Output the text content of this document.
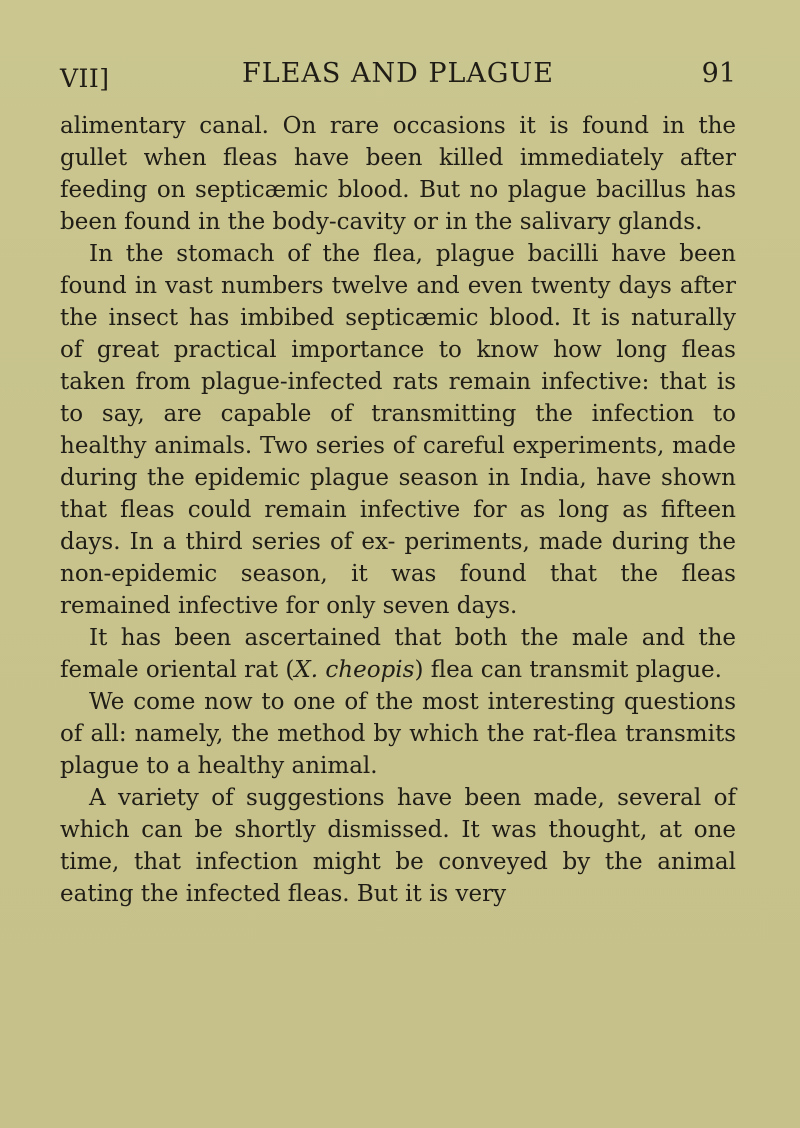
VII]	FLEAS AND PLAGUE	91

alimentary canal. On rare occasions it is found in the gullet when fleas have been killed immediately after feeding on septicæmic blood. But no plague bacillus has been found in the body-cavity or in the salivary glands.

In the stomach of the flea, plague bacilli have been found in vast numbers twelve and even twenty days after the insect has imbibed septicæmic blood. It is naturally of great practical importance to know how long fleas taken from plague-infected rats remain infective: that is to say, are capable of transmitting the infection to healthy animals. Two series of careful experiments, made during the epidemic plague season in India, have shown that fleas could remain infective for as long as fifteen days. In a third series of ex- periments, made during the non-epidemic season, it was found that the fleas remained infective for only seven days.

It has been ascertained that both the male and the female oriental rat (X. cheopis) flea can transmit plague.

We come now to one of the most interesting questions of all: namely, the method by which the rat-flea transmits plague to a healthy animal.

A variety of suggestions have been made, several of which can be shortly dismissed. It was thought, at one time, that infection might be conveyed by the animal eating the infected fleas. But it is very
